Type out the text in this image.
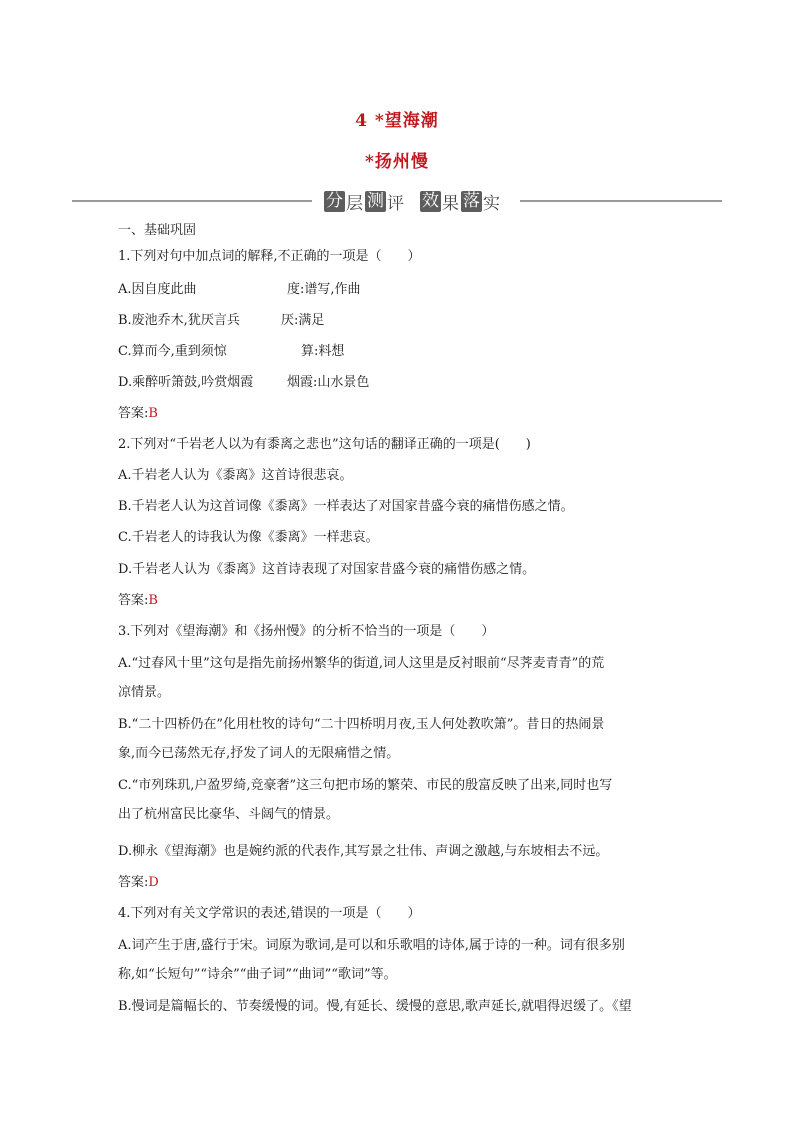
4 *望海潮
*扬州慢
分 层 测 评 效 果 落 实
一、基础巩固
1.下列对句中加点词的解释,不正确的一项是（　　）
A.因自度此曲	度:谱写,作曲
B.废池乔木,犹厌言兵	厌:满足
C.算而今,重到须惊	算:料想
D.乘醉听箫鼓,吟赏烟霞	烟霞:山水景色
答案:B
2.下列对“千岩老人以为有黍离之悲也”这句话的翻译正确的一项是(　　)
A.千岩老人认为《黍离》这首诗很悲哀。
B.千岩老人认为这首词像《黍离》一样表达了对国家昔盛今衰的痛惜伤感之情。
C.千岩老人的诗我认为像《黍离》一样悲哀。
D.千岩老人认为《黍离》这首诗表现了对国家昔盛今衰的痛惜伤感之情。
答案:B
3.下列对《望海潮》和《扬州慢》的分析不恰当的一项是（　　）
A.“过春风十里”这句是指先前扬州繁华的街道,词人这里是反衬眼前“尽荠麦青青”的荒
凉情景。
B.“二十四桥仍在”化用杜牧的诗句“二十四桥明月夜,玉人何处教吹箫”。昔日的热闹景
象,而今已荡然无存,抒发了词人的无限痛惜之情。
C.“市列珠玑,户盈罗绮,竞豪奢”这三句把市场的繁荣、市民的殷富反映了出来,同时也写
出了杭州富民比豪华、斗阔气的情景。
D.柳永《望海潮》也是婉约派的代表作,其写景之壮伟、声调之激越,与东坡相去不远。
答案:D
4.下列对有关文学常识的表述,错误的一项是（　　）
A.词产生于唐,盛行于宋。词原为歌词,是可以和乐歌唱的诗体,属于诗的一种。词有很多别
称,如“长短句”“诗余”“曲子词”“曲词”“歌词”等。
B.慢词是篇幅长的、节奏缓慢的词。慢,有延长、缓慢的意思,歌声延长,就唱得迟缓了。《望
